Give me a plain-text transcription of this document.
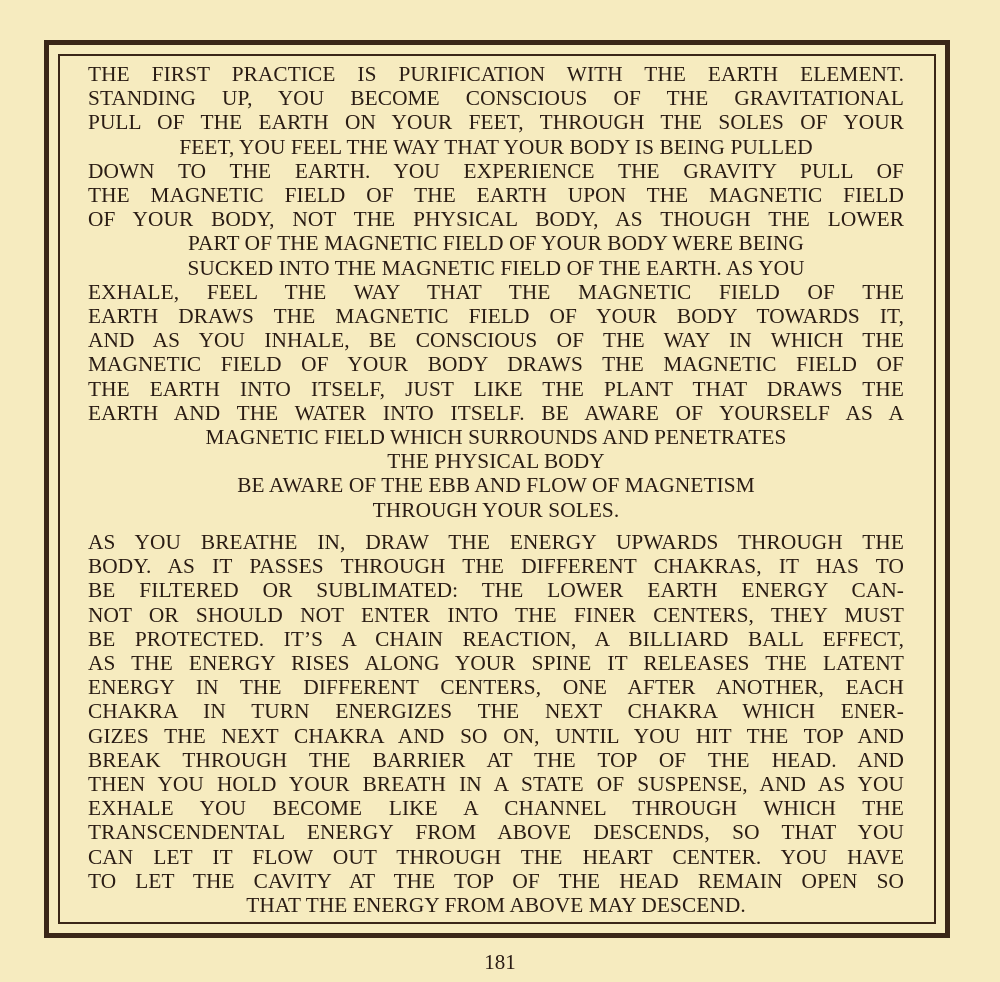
THE FIRST PRACTICE IS PURIFICATION WITH THE EARTH ELEMENT.
STANDING UP, YOU BECOME CONSCIOUS OF THE GRAVITATIONAL
PULL OF THE EARTH ON YOUR FEET, THROUGH THE SOLES OF YOUR
FEET, YOU FEEL THE WAY THAT YOUR BODY IS BEING PULLED
DOWN TO THE EARTH. YOU EXPERIENCE THE GRAVITY PULL OF
THE MAGNETIC FIELD OF THE EARTH UPON THE MAGNETIC FIELD
OF YOUR BODY, NOT THE PHYSICAL BODY, AS THOUGH THE LOWER
PART OF THE MAGNETIC FIELD OF YOUR BODY WERE BEING
SUCKED INTO THE MAGNETIC FIELD OF THE EARTH. AS YOU
EXHALE, FEEL THE WAY THAT THE MAGNETIC FIELD OF THE
EARTH DRAWS THE MAGNETIC FIELD OF YOUR BODY TOWARDS IT,
AND AS YOU INHALE, BE CONSCIOUS OF THE WAY IN WHICH THE
MAGNETIC FIELD OF YOUR BODY DRAWS THE MAGNETIC FIELD OF
THE EARTH INTO ITSELF, JUST LIKE THE PLANT THAT DRAWS THE
EARTH AND THE WATER INTO ITSELF. BE AWARE OF YOURSELF AS A
MAGNETIC FIELD WHICH SURROUNDS AND PENETRATES
THE PHYSICAL BODY
BE AWARE OF THE EBB AND FLOW OF MAGNETISM
THROUGH YOUR SOLES.
AS YOU BREATHE IN, DRAW THE ENERGY UPWARDS THROUGH THE
BODY. AS IT PASSES THROUGH THE DIFFERENT CHAKRAS, IT HAS TO
BE FILTERED OR SUBLIMATED: THE LOWER EARTH ENERGY CAN-
NOT OR SHOULD NOT ENTER INTO THE FINER CENTERS, THEY MUST
BE PROTECTED. IT’S A CHAIN REACTION, A BILLIARD BALL EFFECT,
AS THE ENERGY RISES ALONG YOUR SPINE IT RELEASES THE LATENT
ENERGY IN THE DIFFERENT CENTERS, ONE AFTER ANOTHER, EACH
CHAKRA IN TURN ENERGIZES THE NEXT CHAKRA WHICH ENER-
GIZES THE NEXT CHAKRA AND SO ON, UNTIL YOU HIT THE TOP AND
BREAK THROUGH THE BARRIER AT THE TOP OF THE HEAD. AND
THEN YOU HOLD YOUR BREATH IN A STATE OF SUSPENSE, AND AS YOU
EXHALE YOU BECOME LIKE A CHANNEL THROUGH WHICH THE
TRANSCENDENTAL ENERGY FROM ABOVE DESCENDS, SO THAT YOU
CAN LET IT FLOW OUT THROUGH THE HEART CENTER. YOU HAVE
TO LET THE CAVITY AT THE TOP OF THE HEAD REMAIN OPEN SO
THAT THE ENERGY FROM ABOVE MAY DESCEND.
181
